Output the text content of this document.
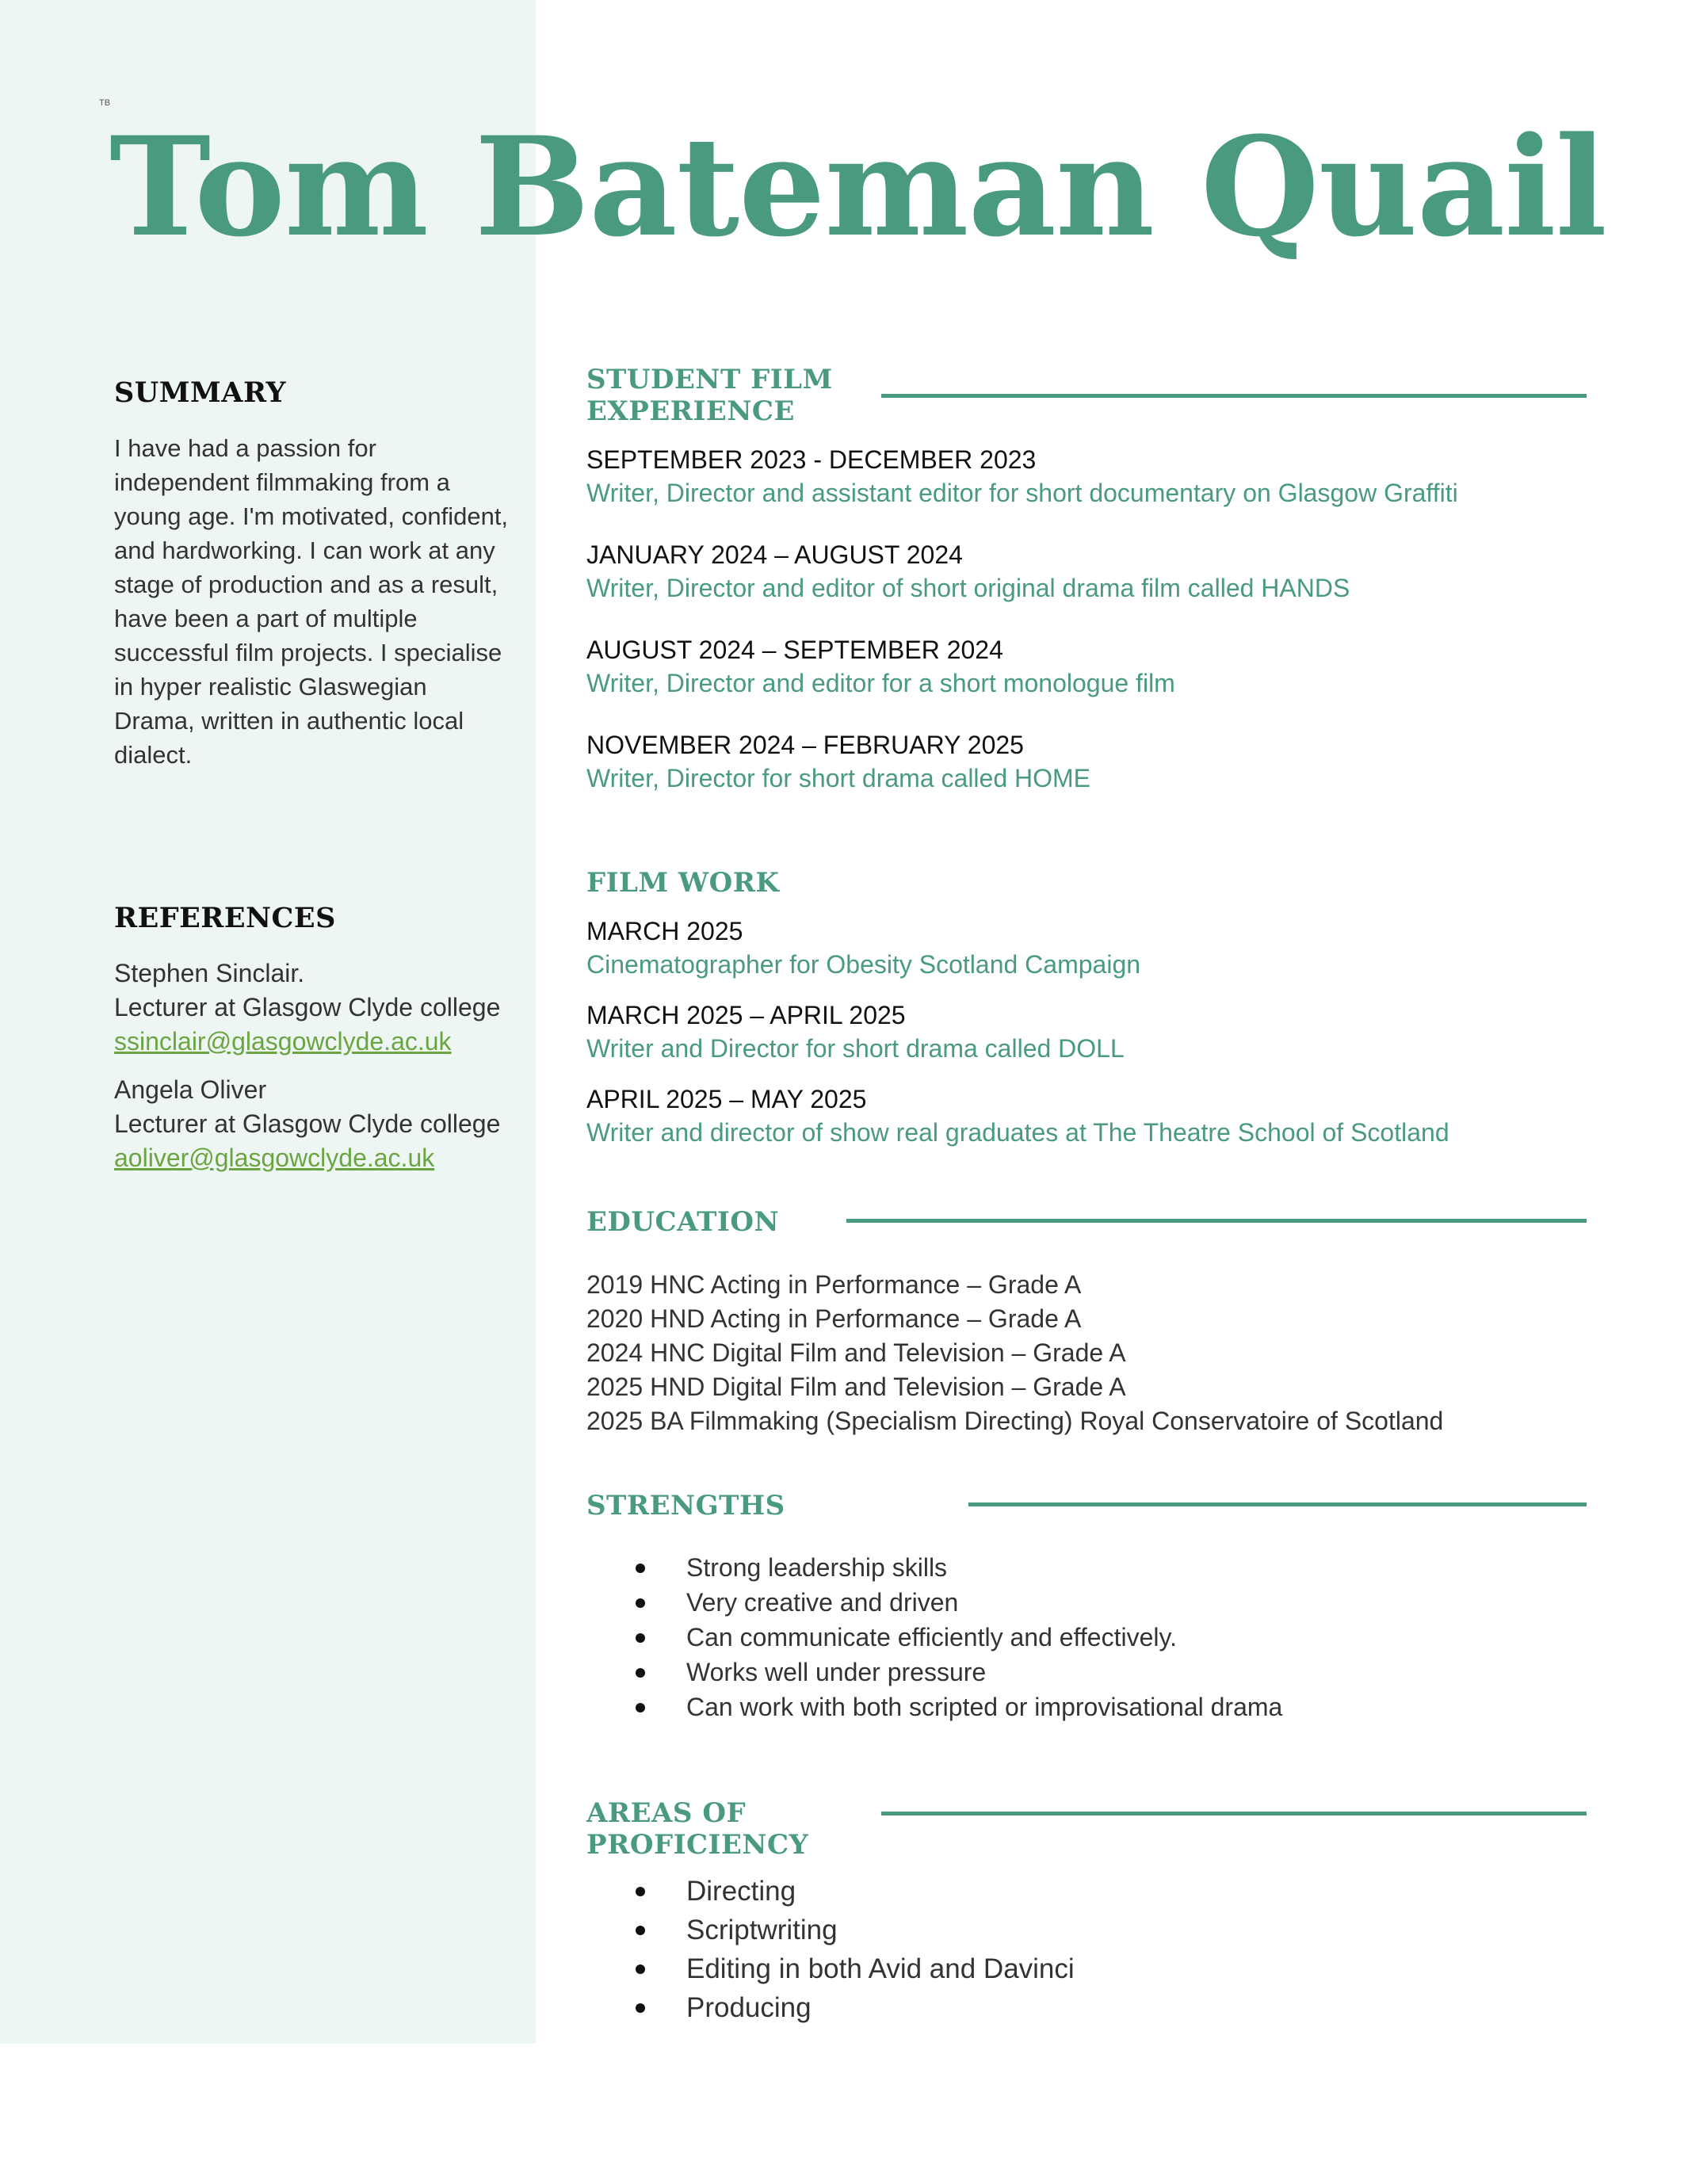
TB
Tom Bateman Quail
SUMMARY

I have had a passion for independent filmmaking from a young age. I'm motivated, confident, and hardworking. I can work at any stage of production and as a result, have been a part of multiple successful film projects. I specialise in hyper realistic Glaswegian Drama, written in authentic local dialect.

REFERENCES
Stephen Sinclair.
Lecturer at Glasgow Clyde college
ssinclair@glasgowclyde.ac.uk
Angela Oliver
Lecturer at Glasgow Clyde college
aoliver@glasgowclyde.ac.uk
STUDENT FILM
EXPERIENCE
SEPTEMBER 2023 - DECEMBER 2023
Writer, Director and assistant editor for short documentary on Glasgow Graffiti
JANUARY 2024 – AUGUST 2024
Writer, Director and editor of short original drama film called HANDS
AUGUST 2024 – SEPTEMBER 2024
Writer, Director and editor for a short monologue film
NOVEMBER 2024 – FEBRUARY 2025
Writer, Director for short drama called HOME
FILM WORK
MARCH 2025
Cinematographer for Obesity Scotland Campaign
MARCH 2025 – APRIL 2025
Writer and Director for short drama called DOLL
APRIL 2025 – MAY 2025
Writer and director of show real graduates at The Theatre School of Scotland
EDUCATION
2019 HNC Acting in Performance – Grade A
2020 HND Acting in Performance – Grade A
2024 HNC Digital Film and Television – Grade A
2025 HND Digital Film and Television – Grade A
2025 BA Filmmaking (Specialism Directing) Royal Conservatoire of Scotland
STRENGTHS
Strong leadership skills
Very creative and driven
Can communicate efficiently and effectively.
Works well under pressure
Can work with both scripted or improvisational drama
AREAS OF
PROFICIENCY
Directing
Scriptwriting
Editing in both Avid and Davinci
Producing
